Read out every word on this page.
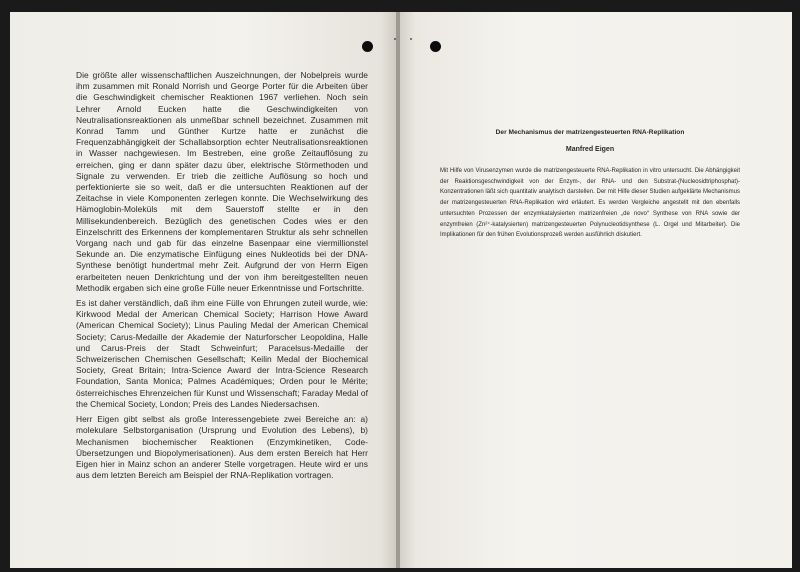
Die größte aller wissenschaftlichen Auszeichnungen, der Nobelpreis wurde ihm zusammen mit Ronald Norrish und George Porter für die Arbeiten über die Geschwindigkeit chemischer Reaktionen 1967 verliehen. Noch sein Lehrer Arnold Eucken hatte die Geschwindigkeiten von Neutralisationsreaktionen als unmeßbar schnell bezeichnet. Zusammen mit Konrad Tamm und Günther Kurtze hatte er zunächst die Frequenzabhängigkeit der Schallabsorption echter Neutralisationsreaktionen in Wasser nachgewiesen. Im Bestreben, eine große Zeitauflösung zu erreichen, ging er dann später dazu über, elektrische Störmethoden und Signale zu verwenden. Er trieb die zeitliche Auflösung so hoch und perfektionierte sie so weit, daß er die untersuchten Reaktionen auf der Zeitachse in viele Komponenten zerlegen konnte. Die Wechselwirkung des Hämoglobin-Moleküls mit dem Sauerstoff stellte er in den Millisekundenbereich. Bezüglich des genetischen Codes wies er den Einzelschritt des Erkennens der komplementaren Struktur als sehr schnellen Vorgang nach und gab für das einzelne Basenpaar eine viermillionstel Sekunde an. Die enzymatische Einfügung eines Nukleotids bei der DNA-Synthese benötigt hundertmal mehr Zeit. Aufgrund der von Herrn Eigen erarbeiteten neuen Denkrichtung und der von ihm bereitgestellten neuen Methodik ergaben sich eine große Fülle neuer Erkenntnisse und Fortschritte.

Es ist daher verständlich, daß ihm eine Fülle von Ehrungen zuteil wurde, wie: Kirkwood Medal der American Chemical Society; Harrison Howe Award (American Chemical Society); Linus Pauling Medal der American Chemical Society; Carus-Medaille der Akademie der Naturforscher Leopoldina, Halle und Carus-Preis der Stadt Schweinfurt; Paracelsus-Medaille der Schweizerischen Chemischen Gesellschaft; Keilin Medal der Biochemical Society, Great Britain; Intra-Science Award der Intra-Science Research Foundation, Santa Monica; Palmes Académiques; Orden pour le Mérite; österreichisches Ehrenzeichen für Kunst und Wissenschaft; Faraday Medal of the Chemical Society, London; Preis des Landes Niedersachsen.

Herr Eigen gibt selbst als große Interessengebiete zwei Bereiche an: a) molekulare Selbstorganisation (Ursprung und Evolution des Lebens), b) Mechanismen biochemischer Reaktionen (Enzymkinetiken, Code-Übersetzungen und Biopolymerisationen). Aus dem ersten Bereich hat Herr Eigen hier in Mainz schon an anderer Stelle vorgetragen. Heute wird er uns aus dem letzten Bereich am Beispiel der RNA-Replikation vortragen.

Der Mechanismus der matrizengesteuerten RNA-Replikation

Manfred Eigen

Mit Hilfe von Virusenzymen wurde die matrizengesteuerte RNA-Replikation in vitro untersucht. Die Abhängigkeit der Reaktionsgeschwindigkeit von der Enzym-, der RNA- und den Substrat-(Nucleosidtriphosphat)-Konzentrationen läßt sich quantitativ analytisch darstellen. Der mit Hilfe dieser Studien aufgeklärte Mechanismus der matrizengesteuerten RNA-Replikation wird erläutert. Es werden Vergleiche angestellt mit den ebenfalls untersuchten Prozessen der enzymkatalysierten matrizenfreien „de novo“ Synthese von RNA sowie der enzymfreien (Zn²⁺-katalysierten) matrizengesteuerten Polynucleotidsynthese (L. Orgel und Mitarbeiter). Die Implikationen für den frühen Evolutionsprozeß werden ausführlich diskutiert.
